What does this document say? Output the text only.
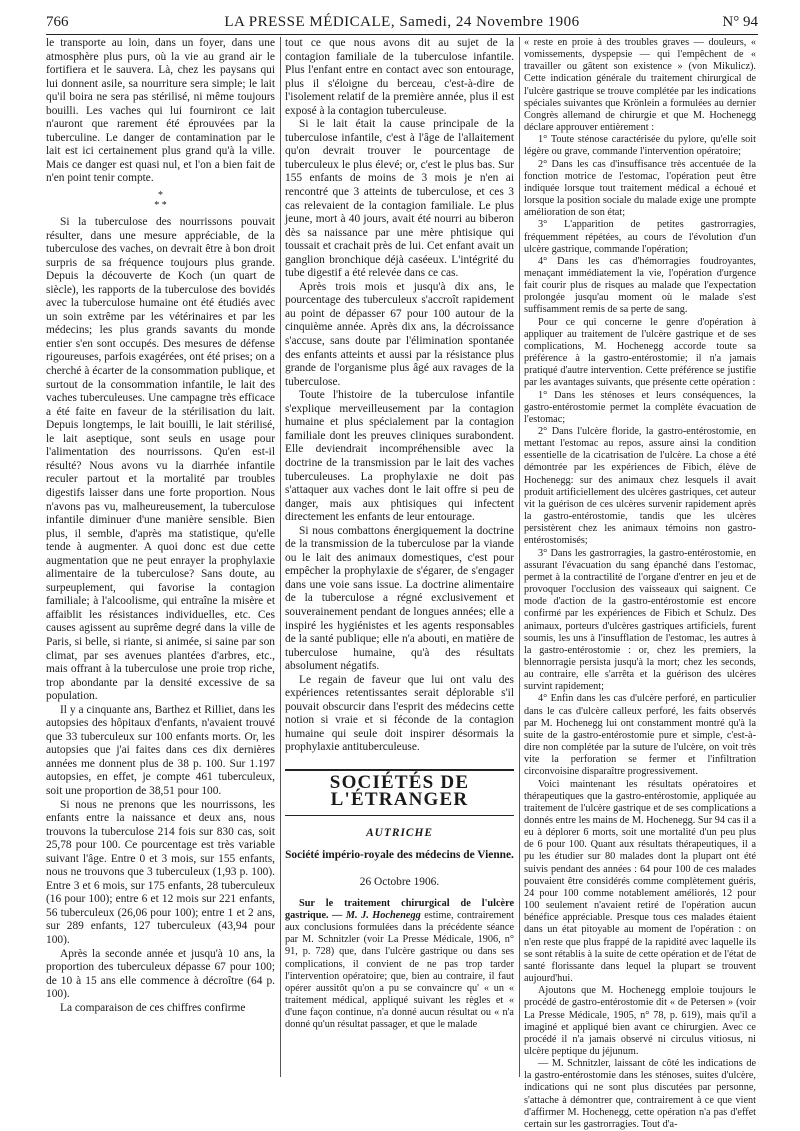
766	LA PRESSE MÉDICALE, Samedi, 24 Novembre 1906	N° 94

le transporte au loin, dans un foyer, dans une atmosphère plus purs, où la vie au grand air le fortifiera et le sauvera. Là, chez les paysans qui lui donnent asile, sa nourriture sera simple; le lait qu'il boira ne sera pas stérilisé, ni même toujours bouilli. Les vaches qui lui fourniront ce lait n'auront que rarement été éprouvées par la tuberculine. Le danger de contamination par le lait est ici certainement plus grand qu'à la ville. Mais ce danger est quasi nul, et l'on a bien fait de n'en point tenir compte.

*
* *

Si la tuberculose des nourrissons pouvait résulter, dans une mesure appréciable, de la tuberculose des vaches, on devrait être à bon droit surpris de sa fréquence toujours plus grande. Depuis la découverte de Koch (un quart de siècle), les rapports de la tuberculose des bovidés avec la tuberculose humaine ont été étudiés avec un soin extrême par les vétérinaires et par les médecins; les plus grands savants du monde entier s'en sont occupés. Des mesures de défense rigoureuses, parfois exagérées, ont été prises; on a cherché à écarter de la consommation publique, et surtout de la consommation infantile, le lait des vaches tuberculeuses. Une campagne très efficace a été faite en faveur de la stérilisation du lait. Depuis longtemps, le lait bouilli, le lait stérilisé, le lait aseptique, sont seuls en usage pour l'alimentation des nourrissons. Qu'en est-il résulté? Nous avons vu la diarrhée infantile reculer partout et la mortalité par troubles digestifs laisser dans une forte proportion. Nous n'avons pas vu, malheureusement, la tuberculose infantile diminuer d'une manière sensible. Bien plus, il semble, d'après ma statistique, qu'elle tende à augmenter. A quoi donc est due cette augmentation que ne peut enrayer la prophylaxie alimentaire de la tuberculose? Sans doute, au surpeuplement, qui favorise la contagion familiale; à l'alcoolisme, qui entraîne la misère et affaiblit les résistances individuelles, etc. Ces causes agissent au suprême degré dans la ville de Paris, si belle, si riante, si animée, si saine par son climat, par ses avenues plantées d'arbres, etc., mais offrant à la tuberculose une proie trop riche, trop abondante par la densité excessive de sa population.

Il y a cinquante ans, Barthez et Rilliet, dans les autopsies des hôpitaux d'enfants, n'avaient trouvé que 33 tuberculeux sur 100 enfants morts. Or, les autopsies que j'ai faites dans ces dix dernières années me donnent plus de 38 p. 100. Sur 1.197 autopsies, en effet, je compte 461 tuberculeux, soit une proportion de 38,51 pour 100.

Si nous ne prenons que les nourrissons, les enfants entre la naissance et deux ans, nous trouvons la tuberculose 214 fois sur 830 cas, soit 25,78 pour 100. Ce pourcentage est très variable suivant l'âge. Entre 0 et 3 mois, sur 155 enfants, nous ne trouvons que 3 tuberculeux (1,93 p. 100). Entre 3 et 6 mois, sur 175 enfants, 28 tuberculeux (16 pour 100); entre 6 et 12 mois sur 221 enfants, 56 tuberculeux (26,06 pour 100); entre 1 et 2 ans, sur 289 enfants, 127 tuberculeux (43,94 pour 100).

Après la seconde année et jusqu'à 10 ans, la proportion des tuberculeux dépasse 67 pour 100; de 10 à 15 ans elle commence à décroître (64 p. 100).

La comparaison de ces chiffres confirme

tout ce que nous avons dit au sujet de la contagion familiale de la tuberculose infantile. Plus l'enfant entre en contact avec son entourage, plus il s'éloigne du berceau, c'est-à-dire de l'isolement relatif de la première année, plus il est exposé à la contagion tuberculeuse.

Si le lait était la cause principale de la tuberculose infantile, c'est à l'âge de l'allaitement qu'on devrait trouver le pourcentage de tuberculeux le plus élevé; or, c'est le plus bas. Sur 155 enfants de moins de 3 mois je n'en ai rencontré que 3 atteints de tuberculose, et ces 3 cas relevaient de la contagion familiale. Le plus jeune, mort à 40 jours, avait été nourri au biberon dès sa naissance par une mère phtisique qui toussait et crachait près de lui. Cet enfant avait un ganglion bronchique déjà caséeux. L'intégrité du tube digestif a été relevée dans ce cas.

Après trois mois et jusqu'à dix ans, le pourcentage des tuberculeux s'accroît rapidement au point de dépasser 67 pour 100 autour de la cinquième année. Après dix ans, la décroissance s'accuse, sans doute par l'élimination spontanée des enfants atteints et aussi par la résistance plus grande de l'organisme plus âgé aux ravages de la tuberculose.

Toute l'histoire de la tuberculose infantile s'explique merveilleusement par la contagion humaine et plus spécialement par la contagion familiale dont les preuves cliniques surabondent. Elle deviendrait incompréhensible avec la doctrine de la transmission par le lait des vaches tuberculeuses. La prophylaxie ne doit pas s'attaquer aux vaches dont le lait offre si peu de danger, mais aux phtisiques qui infectent directement les enfants de leur entourage.

Si nous combattons énergiquement la doctrine de la transmission de la tuberculose par la viande ou le lait des animaux domestiques, c'est pour empêcher la prophylaxie de s'égarer, de s'engager dans une voie sans issue. La doctrine alimentaire de la tuberculose a régné exclusivement et souverainement pendant de longues années; elle a inspiré les hygiénistes et les agents responsables de la santé publique; elle n'a abouti, en matière de tuberculose humaine, qu'à des résultats absolument négatifs.

Le regain de faveur que lui ont valu des expériences retentissantes serait déplorable s'il pouvait obscurcir dans l'esprit des médecins cette notion si vraie et si féconde de la contagion humaine qui seule doit inspirer désormais la prophylaxie antituberculeuse.

SOCIÉTÉS DE L'ÉTRANGER
AUTRICHE
Société império-royale des médecins de Vienne.
26 Octobre 1906.

Sur le traitement chirurgical de l'ulcère gastrique. — M. J. Hochenegg estime, contrairement aux conclusions formulées dans la précédente séance par M. Schnitzler (voir La Presse Médicale, 1906, n° 91, p. 728) que, dans l'ulcère gastrique ou dans ses complications, il convient de ne pas trop tarder l'intervention opératoire; que, bien au contraire, il faut opérer aussitôt qu'on a pu se convaincre qu' « un « traitement médical, appliqué suivant les règles et « d'une façon continue, n'a donné aucun résultat ou « n'a donné qu'un résultat passager, et que le malade

« reste en proie à des troubles graves — douleurs, « vomissements, dyspepsie — qui l'empêchent de « travailler ou gâtent son existence » (von Mikulicz). Cette indication générale du traitement chirurgical de l'ulcère gastrique se trouve complétée par les indications spéciales suivantes que Krönlein a formulées au dernier Congrès allemand de chirurgie et que M. Hochenegg déclare approuver entièrement :

1° Toute sténose caractérisée du pylore, qu'elle soit légère ou grave, commande l'intervention opératoire;

2° Dans les cas d'insuffisance très accentuée de la fonction motrice de l'estomac, l'opération peut être indiquée lorsque tout traitement médical a échoué et lorsque la position sociale du malade exige une prompte amélioration de son état;

3° L'apparition de petites gastrorragies, fréquemment répétées, au cours de l'évolution d'un ulcère gastrique, commande l'opération;

4° Dans les cas d'hémorragies foudroyantes, menaçant immédiatement la vie, l'opération d'urgence fait courir plus de risques au malade que l'expectation prolongée jusqu'au moment où le malade s'est suffisamment remis de sa perte de sang.

Pour ce qui concerne le genre d'opération à appliquer au traitement de l'ulcère gastrique et de ses complications, M. Hochenegg accorde toute sa préférence à la gastro-entérostomie; il n'a jamais pratiqué d'autre intervention. Cette préférence se justifie par les avantages suivants, que présente cette opération :

1° Dans les sténoses et leurs conséquences, la gastro-entérostomie permet la complète évacuation de l'estomac;

2° Dans l'ulcère floride, la gastro-entérostomie, en mettant l'estomac au repos, assure ainsi la condition essentielle de la cicatrisation de l'ulcère. La chose a été démontrée par les expériences de Fibich, élève de Hochenegg: sur des animaux chez lesquels il avait produit artificiellement des ulcères gastriques, cet auteur vit la guérison de ces ulcères survenir rapidement après la gastro-entérostomie, tandis que les ulcères persistèrent chez les animaux témoins non gastro-entérostomisés;

3° Dans les gastrorragies, la gastro-entérostomie, en assurant l'évacuation du sang épanché dans l'estomac, permet à la contractilité de l'organe d'entrer en jeu et de provoquer l'occlusion des vaisseaux qui saignent. Ce mode d'action de la gastro-entérostomie est encore confirmé par les expériences de Fibich et Schulz. Des animaux, porteurs d'ulcères gastriques artificiels, furent soumis, les uns à l'insufflation de l'estomac, les autres à la gastro-entérostomie : or, chez les premiers, la blennorragie persista jusqu'à la mort; chez les seconds, au contraire, elle s'arrêta et la guérison des ulcères survint rapidement;

4° Enfin dans les cas d'ulcère perforé, en particulier dans le cas d'ulcère calleux perforé, les faits observés par M. Hochenegg lui ont constamment montré qu'à la suite de la gastro-entérostomie pure et simple, c'est-à-dire non complétée par la suture de l'ulcère, on voit très vite la perforation se fermer et l'infiltration circonvoisine disparaître progressivement.

Voici maintenant les résultats opératoires et thérapeutiques que la gastro-entérostomie, appliquée au traitement de l'ulcère gastrique et de ses complications a donnés entre les mains de M. Hochenegg. Sur 94 cas il a eu à déplorer 6 morts, soit une mortalité d'un peu plus de 6 pour 100. Quant aux résultats thérapeutiques, il a pu les étudier sur 80 malades dont la plupart ont été suivis pendant des années : 64 pour 100 de ces malades pouvaient être considérés comme complètement guéris, 24 pour 100 comme notablement améliorés, 12 pour 100 seulement n'avaient retiré de l'opération aucun bénéfice appréciable. Presque tous ces malades étaient dans un état pitoyable au moment de l'opération : on n'en reste que plus frappé de la rapidité avec laquelle ils se sont rétablis à la suite de cette opération et de l'état de santé florissante dans lequel la plupart se trouvent aujourd'hui.

Ajoutons que M. Hochenegg emploie toujours le procédé de gastro-entérostomie dit « de Petersen » (voir La Presse Médicale, 1905, n° 78, p. 619), mais qu'il a imaginé et appliqué bien avant ce chirurgien. Avec ce procédé il n'a jamais observé ni circulus vitiosus, ni ulcère peptique du jéjunum.

— M. Schnitzler, laissant de côté les indications de la gastro-entérostomie dans les sténoses, suites d'ulcère, indications qui ne sont plus discutées par personne, s'attache à démontrer que, contrairement à ce que vient d'affirmer M. Hochenegg, cette opération n'a pas d'effet certain sur les gastrorragies. Tout d'a-
